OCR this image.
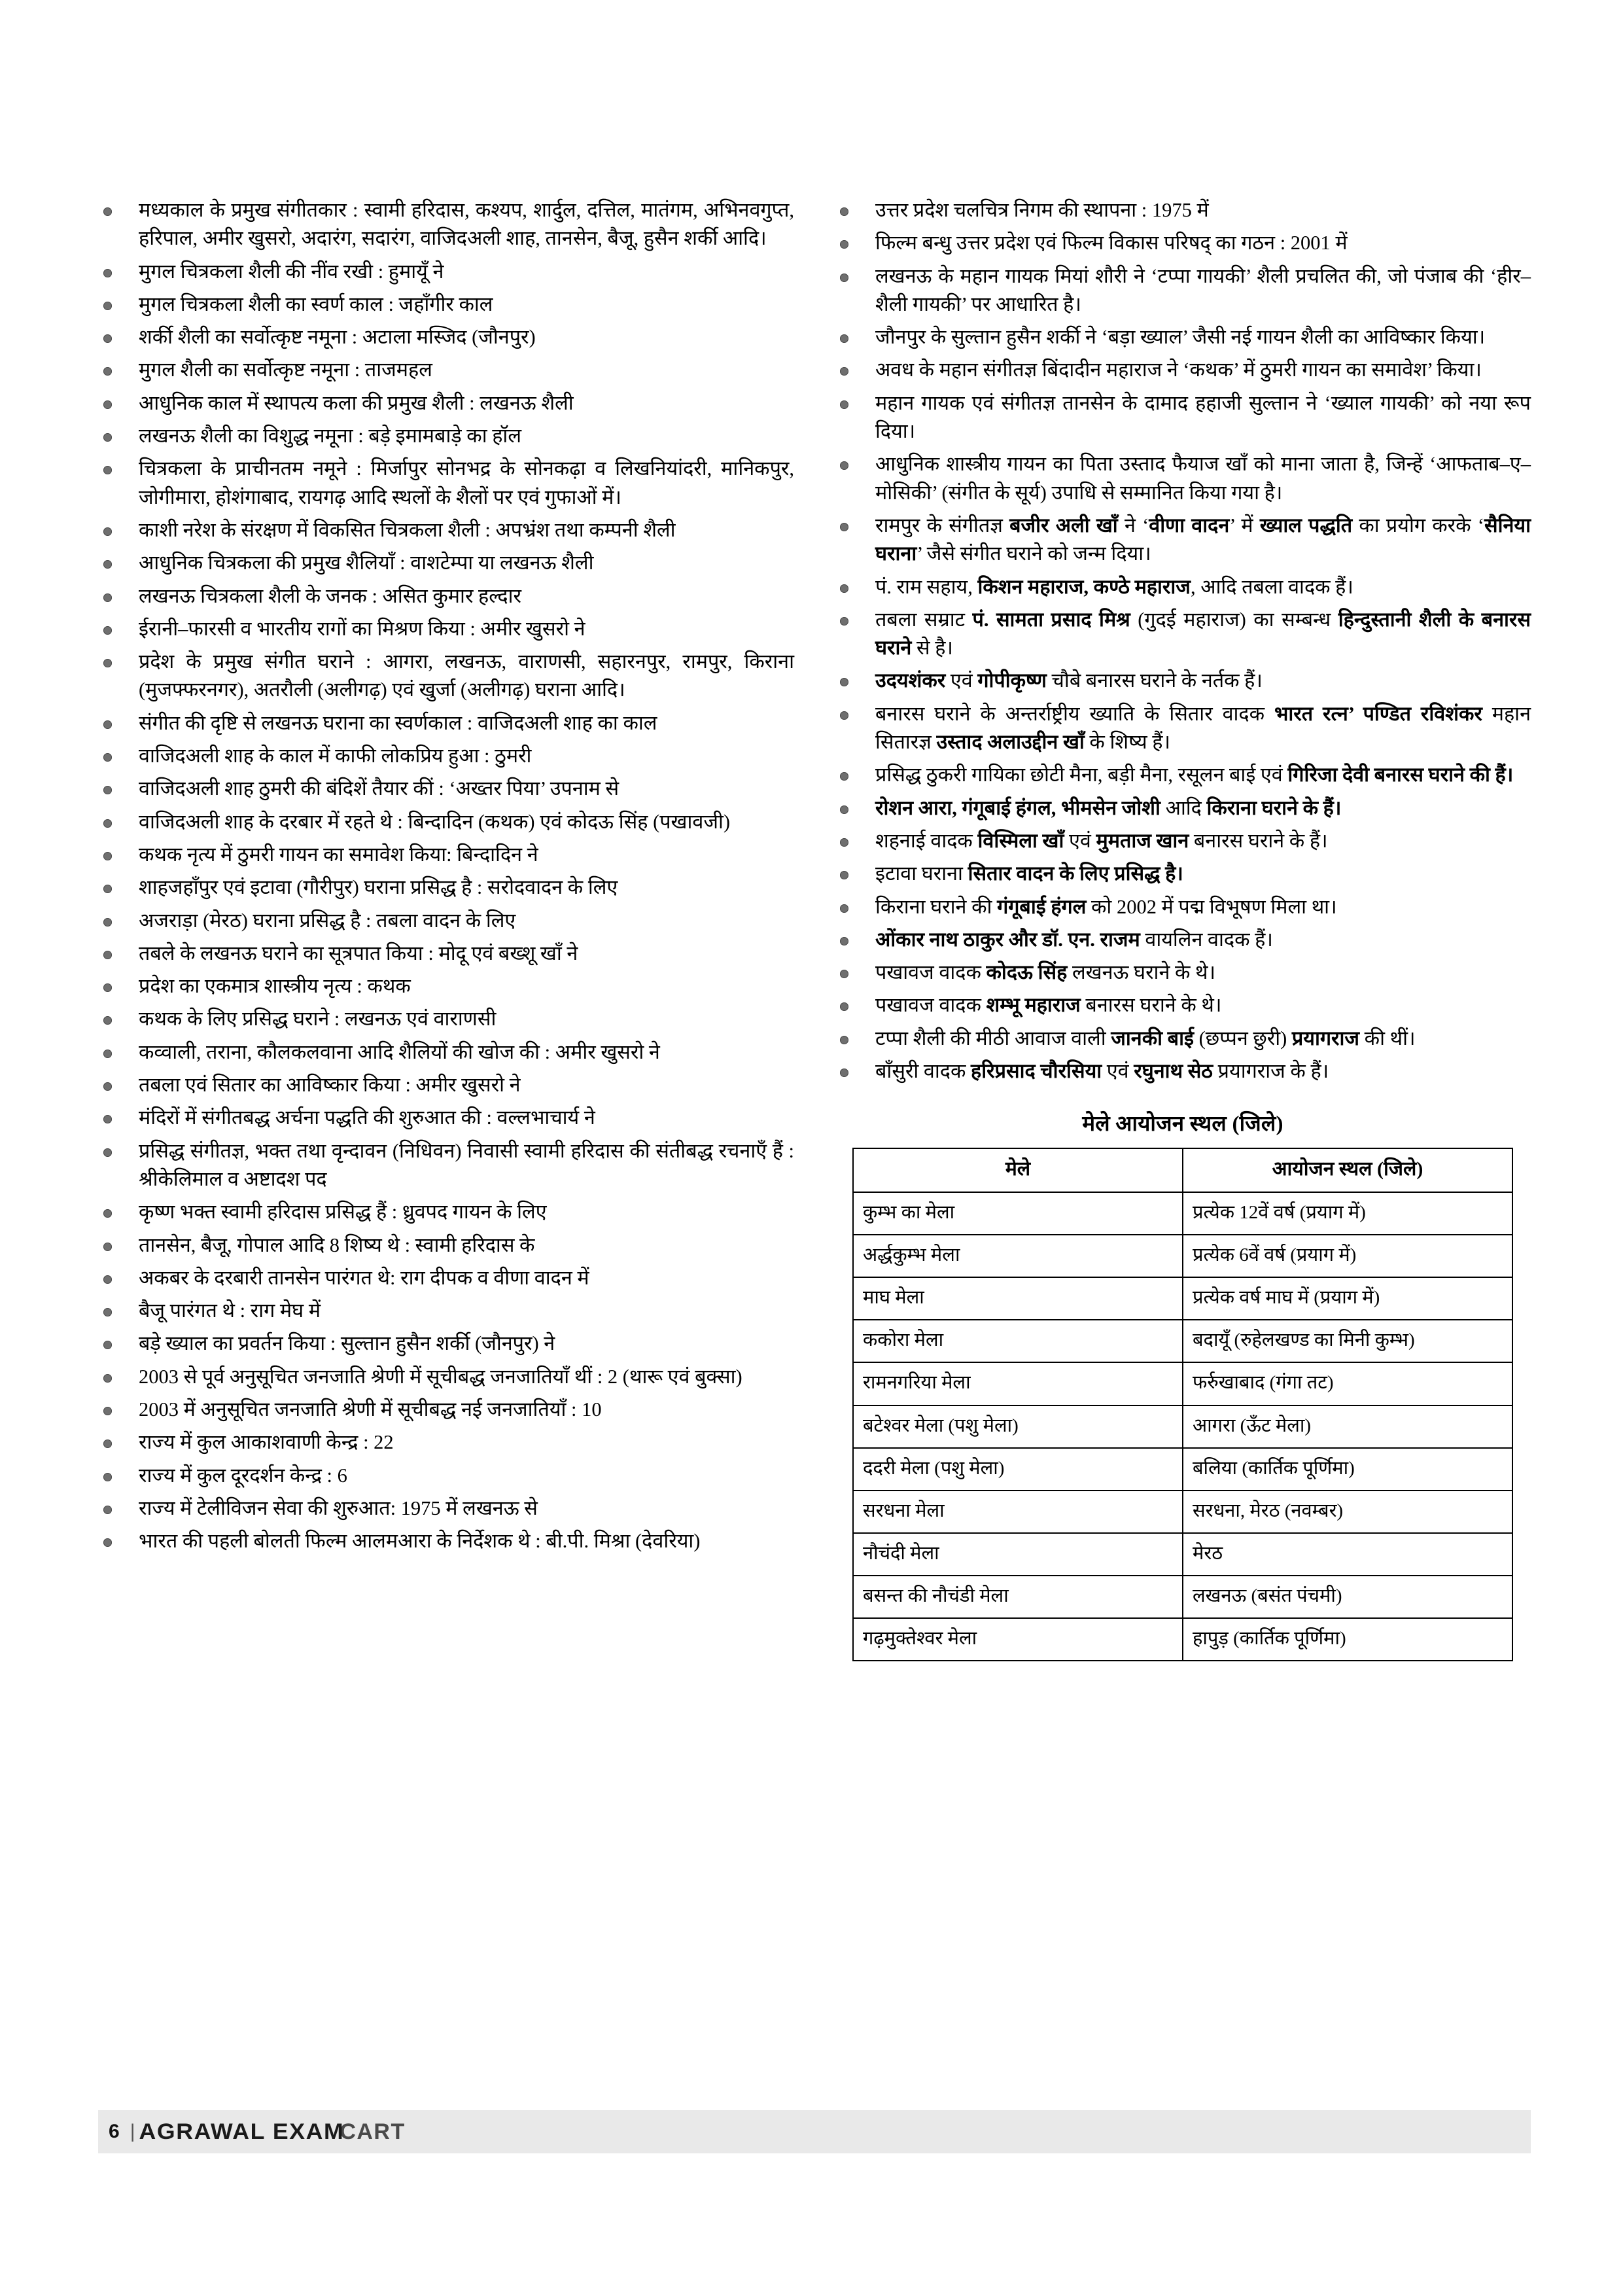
मध्यकाल के प्रमुख संगीतकार : स्वामी हरिदास, कश्यप, शार्दुल, दत्तिल, मातंगम, अभिनवगुप्त, हरिपाल, अमीर खुसरो, अदारंग, सदारंग, वाजिदअली शाह, तानसेन, बैजू, हुसैन शर्की आदि।
मुगल चित्रकला शैली की नींव रखी : हुमायूँ ने
मुगल चित्रकला शैली का स्वर्ण काल : जहाँगीर काल
शर्की शैली का सर्वोत्कृष्ट नमूना : अटाला मस्जिद (जौनपुर)
मुगल शैली का सर्वोत्कृष्ट नमूना : ताजमहल
आधुनिक काल में स्थापत्य कला की प्रमुख शैली : लखनऊ शैली
लखनऊ शैली का विशुद्ध नमूना : बड़े इमामबाड़े का हॉल
चित्रकला के प्राचीनतम नमूने : मिर्जापुर सोनभद्र के सोनकढ़ा व लिखनियांदरी, मानिकपुर, जोगीमारा, होशंगाबाद, रायगढ़ आदि स्थलों के शैलों पर एवं गुफाओं में।
काशी नरेश के संरक्षण में विकसित चित्रकला शैली : अपभ्रंश तथा कम्पनी शैली
आधुनिक चित्रकला की प्रमुख शैलियाँ : वाशटेम्पा या लखनऊ शैली
लखनऊ चित्रकला शैली के जनक : असित कुमार हल्दार
ईरानी–फारसी व भारतीय रागों का मिश्रण किया : अमीर खुसरो ने
प्रदेश के प्रमुख संगीत घराने : आगरा, लखनऊ, वाराणसी, सहारनपुर, रामपुर, किराना (मुजफ्फरनगर), अतरौली (अलीगढ़) एवं खुर्जा (अलीगढ़) घराना आदि।
संगीत की दृष्टि से लखनऊ घराना का स्वर्णकाल : वाजिदअली शाह का काल
वाजिदअली शाह के काल में काफी लोकप्रिय हुआ : ठुमरी
वाजिदअली शाह ठुमरी की बंदिशें तैयार कीं : ‘अख्तर पिया’ उपनाम से
वाजिदअली शाह के दरबार में रहते थे : बिन्दादिन (कथक) एवं कोदऊ सिंह (पखावजी)
कथक नृत्य में ठुमरी गायन का समावेश किया: बिन्दादिन ने
शाहजहाँपुर एवं इटावा (गौरीपुर) घराना प्रसिद्ध है : सरोदवादन के लिए
अजराड़ा (मेरठ) घराना प्रसिद्ध है : तबला वादन के लिए
तबले के लखनऊ घराने का सूत्रपात किया : मोदू एवं बख्शू खाँ ने
प्रदेश का एकमात्र शास्त्रीय नृत्य : कथक
कथक के लिए प्रसिद्ध घराने : लखनऊ एवं वाराणसी
कव्वाली, तराना, कौलकलवाना आदि शैलियों की खोज की : अमीर खुसरो ने
तबला एवं सितार का आविष्कार किया : अमीर खुसरो ने
मंदिरों में संगीतबद्ध अर्चना पद्धति की शुरुआत की : वल्लभाचार्य ने
प्रसिद्ध संगीतज्ञ, भक्त तथा वृन्दावन (निधिवन) निवासी स्वामी हरिदास की संतीबद्ध रचनाएँ हैं : श्रीकेलिमाल व अष्टादश पद
कृष्ण भक्त स्वामी हरिदास प्रसिद्ध हैं : ध्रुवपद गायन के लिए
तानसेन, बैजू, गोपाल आदि 8 शिष्य थे : स्वामी हरिदास के
अकबर के दरबारी तानसेन पारंगत थे: राग दीपक व वीणा वादन में
बैजू पारंगत थे : राग मेघ में
बड़े ख्याल का प्रवर्तन किया : सुल्तान हुसैन शर्की (जौनपुर) ने
2003 से पूर्व अनुसूचित जनजाति श्रेणी में सूचीबद्ध जनजातियाँ थीं : 2 (थारू एवं बुक्सा)
2003 में अनुसूचित जनजाति श्रेणी में सूचीबद्ध नई जनजातियाँ : 10
राज्य में कुल आकाशवाणी केन्द्र : 22
राज्य में कुल दूरदर्शन केन्द्र : 6
राज्य में टेलीविजन सेवा की शुरुआत: 1975 में लखनऊ से
भारत की पहली बोलती फिल्म आलमआरा के निर्देशक थे : बी.पी. मिश्रा (देवरिया)
उत्तर प्रदेश चलचित्र निगम की स्थापना : 1975 में
फिल्म बन्धु उत्तर प्रदेश एवं फिल्म विकास परिषद् का गठन : 2001 में
लखनऊ के महान गायक मियां शौरी ने ‘टप्पा गायकी’ शैली प्रचलित की, जो पंजाब की ‘हीर–शैली गायकी’ पर आधारित है।
जौनपुर के सुल्तान हुसैन शर्की ने ‘बड़ा ख्याल’ जैसी नई गायन शैली का आविष्कार किया।
अवध के महान संगीतज्ञ बिंदादीन महाराज ने ‘कथक’ में ठुमरी गायन का समावेश’ किया।
महान गायक एवं संगीतज्ञ तानसेन के दामाद हहाजी सुल्तान ने ‘ख्याल गायकी’ को नया रूप दिया।
आधुनिक शास्त्रीय गायन का पिता उस्ताद फैयाज खाँ को माना जाता है, जिन्हें ‘आफताब–ए–मोसिकी’ (संगीत के सूर्य) उपाधि से सम्मानित किया गया है।
रामपुर के संगीतज्ञ बजीर अली खाँ ने ‘वीणा वादन’ में ख्याल पद्धति का प्रयोग करके ‘सैनिया घराना’ जैसे संगीत घराने को जन्म दिया।
पं. राम सहाय, किशन महाराज, कण्ठे महाराज, आदि तबला वादक हैं।
तबला सम्राट पं. सामता प्रसाद मिश्र (गुदई महाराज) का सम्बन्ध हिन्दुस्तानी शैली के बनारस घराने से है।
उदयशंकर एवं गोपीकृष्ण चौबे बनारस घराने के नर्तक हैं।
बनारस घराने के अन्तर्राष्ट्रीय ख्याति के सितार वादक भारत रत्न’ पण्डित रविशंकर महान सितारज्ञ उस्ताद अलाउद्दीन खाँ के शिष्य हैं।
प्रसिद्ध ठुकरी गायिका छोटी मैना, बड़ी मैना, रसूलन बाई एवं गिरिजा देवी बनारस घराने की हैं।
रोशन आरा, गंगूबाई हंगल, भीमसेन जोशी आदि किराना घराने के हैं।
शहनाई वादक विस्मिला खाँ एवं मुमताज खान बनारस घराने के हैं।
इटावा घराना सितार वादन के लिए प्रसिद्ध है।
किराना घराने की गंगूबाई हंगल को 2002 में पद्म विभूषण मिला था।
ओंकार नाथ ठाकुर और डॉ. एन. राजम वायलिन वादक हैं।
पखावज वादक कोदऊ सिंह लखनऊ घराने के थे।
पखावज वादक शम्भू महाराज बनारस घराने के थे।
टप्पा शैली की मीठी आवाज वाली जानकी बाई (छप्पन छुरी) प्रयागराज की थीं।
बाँसुरी वादक हरिप्रसाद चौरसिया एवं रघुनाथ सेठ प्रयागराज के हैं।
मेले आयोजन स्थल (जिले)
मेले	आयोजन स्थल (जिले)
कुम्भ का मेला	प्रत्येक 12वें वर्ष (प्रयाग में)
अर्द्धकुम्भ मेला	प्रत्येक 6वें वर्ष (प्रयाग में)
माघ मेला	प्रत्येक वर्ष माघ में (प्रयाग में)
ककोरा मेला	बदायूँ (रुहेलखण्ड का मिनी कुम्भ)
रामनगरिया मेला	फर्रुखाबाद (गंगा तट)
बटेश्वर मेला (पशु मेला)	आगरा (ऊँट मेला)
ददरी मेला (पशु मेला)	बलिया (कार्तिक पूर्णिमा)
सरधना मेला	सरधना, मेरठ (नवम्बर)
नौचंदी मेला	मेरठ
बसन्त की नौचंडी मेला	लखनऊ (बसंत पंचमी)
गढ़मुक्तेश्वर मेला	हापुड़ (कार्तिक पूर्णिमा)
6 | AGRAWAL EXAMCART
